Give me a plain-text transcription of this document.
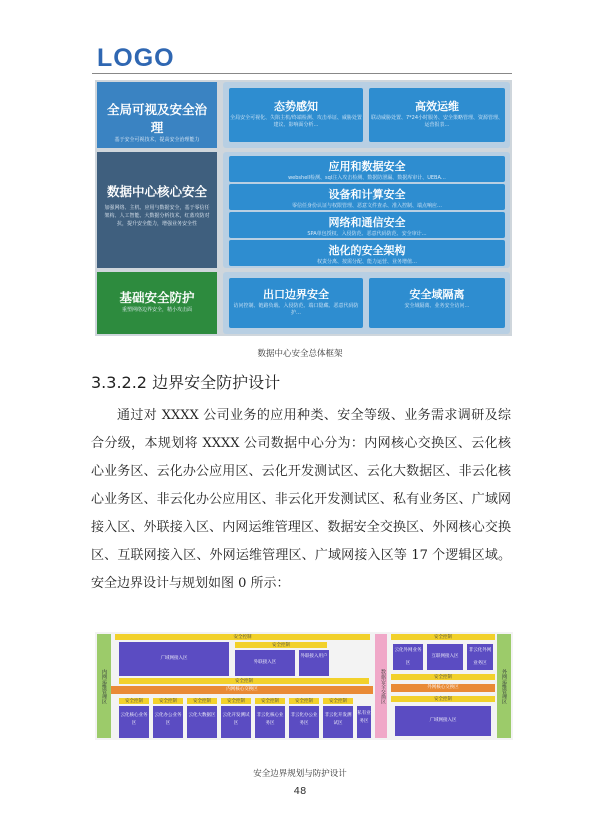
LOGO
全局可视及安全治理
基于安全可视技术，提高安全治理能力
数据中心核心安全
加强网络、主机、应用与数据安全，基于零信任架构、人工智能、大数据分析技术，红蓝攻防对抗，提升安全能力，增强业务安全性
基础安全防护
重塑网络边界安全，精小攻击面
态势感知
全局安全可视化、失陷主机/终端检测、攻击举证、威胁处置建议、影响面分析…
高效运维
联动威胁处置、7*24小时服务、安全策略管理、资源管理、运营报表…
应用和数据安全
webshell检测、sql注入攻击检测、数据防泄漏、数据库审计、UEBA…
设备和计算安全
零信任身份认证与权限管理、恶意文件查杀、准入控制、端点响应…
网络和通信安全
SPA单包授权、入侵防范、恶意代码防范、安全审计…
池化的安全架构
权责分离、按需分配、能力运营、业务增值…
出口边界安全
访问控制、链路负载、入侵防范、端口隐藏、恶意代码防护…
安全域隔离
安全域隔离、业务安全访问…
数据中心安全总体框架
3.3.2.2 边界安全防护设计
通过对 XXXX 公司业务的应用种类、安全等级、业务需求调研及综合分级，本规划将 XXXX 公司数据中心分为：内网核心交换区、云化核心业务区、云化办公应用区、云化开发测试区、云化大数据区、非云化核心业务区、非云化办公应用区、非云化开发测试区、私有业务区、广域网接入区、外联接入区、内网运维管理区、数据安全交换区、外网核心交换区、互联网接入区、外网运维管理区、广域网接入区等 17 个逻辑区域。安全边界设计与规划如图 0 所示：
内网运维管理区	外网运维管理区
安全控制
广域网接入区
安全控制
外联接入区
外联接入用户
安全控制
内网核心交换区
安全控制	安全控制	安全控制	安全控制	安全控制	安全控制	安全控制
云化核心业务区
云化办公业务区
云化大数据区	云化开发测试区
非云化核心业务区
非云化办公业务区
非云化开发测试区
私有业务区
数据安全交换区
安全控制
云化外网业务区
互联网接入区
非云化外网业务区
安全控制
外网核心交换区
安全控制
广域网接入区
安全边界规划与防护设计
48
